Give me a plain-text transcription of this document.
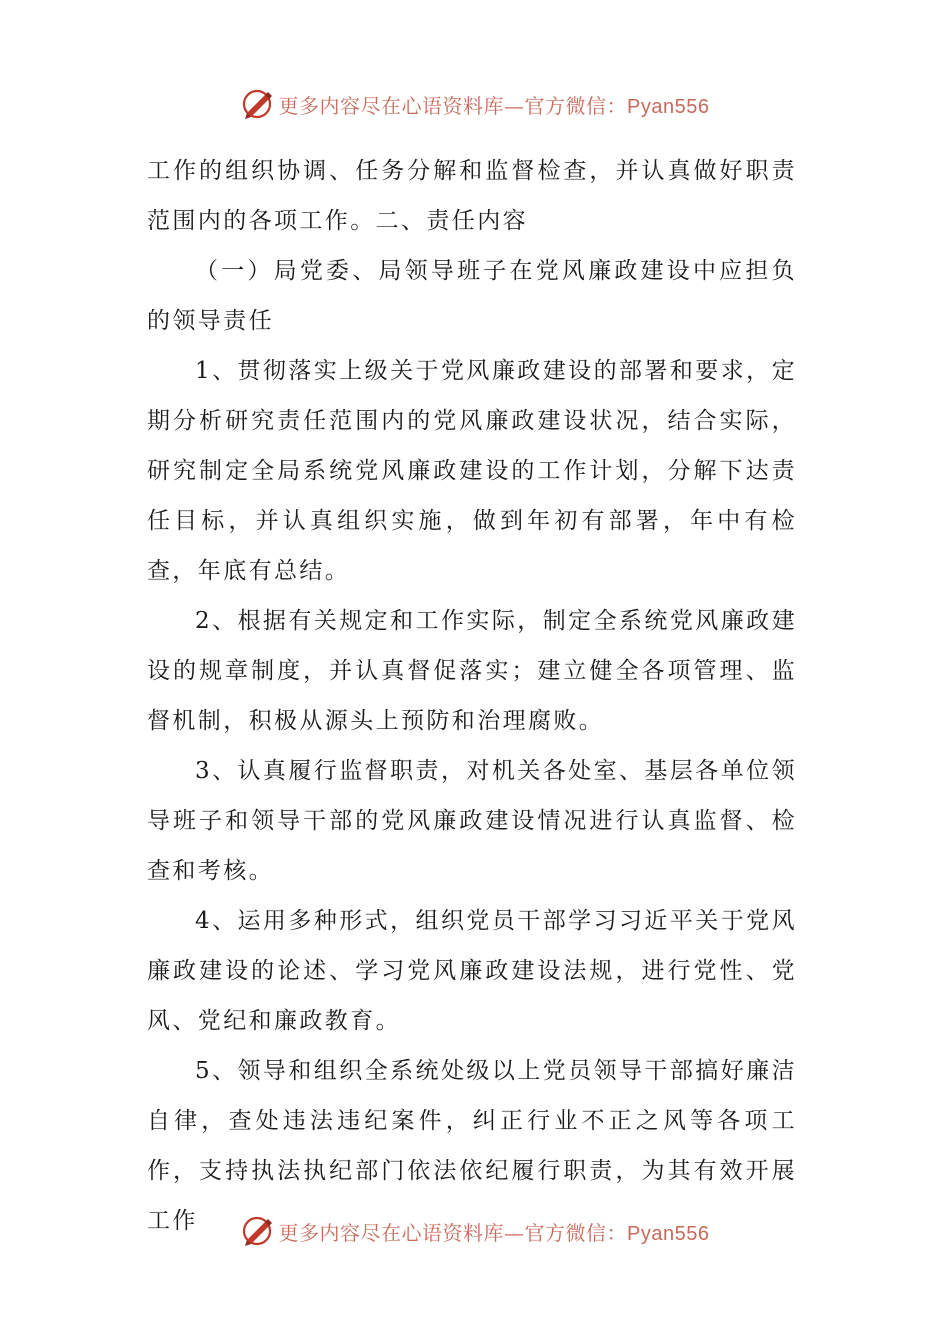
更多内容尽在心语资料库—官方微信：Pyan556

工作的组织协调、任务分解和监督检查，并认真做好职责范围内的各项工作。二、责任内容

（一）局党委、局领导班子在党风廉政建设中应担负的领导责任

1、贯彻落实上级关于党风廉政建设的部署和要求，定期分析研究责任范围内的党风廉政建设状况，结合实际，研究制定全局系统党风廉政建设的工作计划，分解下达责任目标，并认真组织实施，做到年初有部署，年中有检查，年底有总结。

2、根据有关规定和工作实际，制定全系统党风廉政建设的规章制度，并认真督促落实；建立健全各项管理、监督机制，积极从源头上预防和治理腐败。

3、认真履行监督职责，对机关各处室、基层各单位领导班子和领导干部的党风廉政建设情况进行认真监督、检查和考核。

4、运用多种形式，组织党员干部学习习近平关于党风廉政建设的论述、学习党风廉政建设法规，进行党性、党风、党纪和廉政教育。

5、领导和组织全系统处级以上党员领导干部搞好廉洁自律，查处违法违纪案件，纠正行业不正之风等各项工作，支持执法执纪部门依法依纪履行职责，为其有效开展工作	更多内容尽在心语资料库—官方微信：Pyan556
